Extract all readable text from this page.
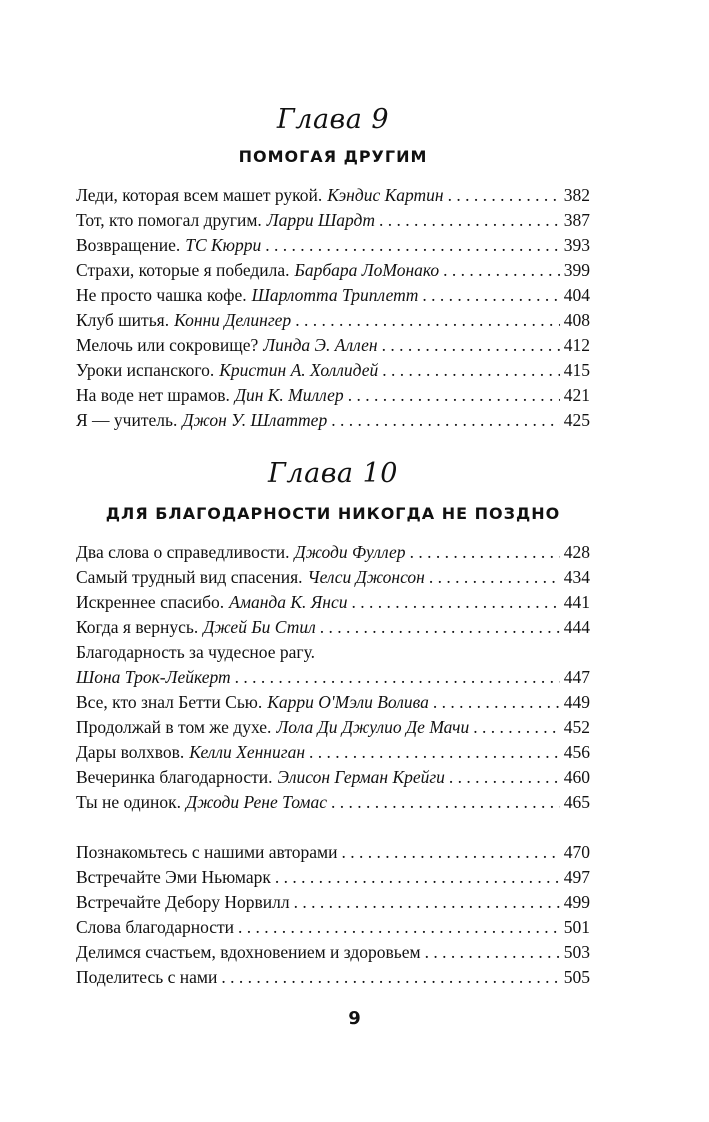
Глава 9
ПОМОГАЯ ДРУГИМ
Леди, которая всем машет рукой. Кэндис Картин . . .	382
Тот, кто помогал другим. Ларри Шардт . . .	387
Возвращение. ТС Кюрри . . .	393
Страхи, которые я победила. Барбара ЛоМонако . . .	399
Не просто чашка кофе. Шарлотта Триплетт . . .	404
Клуб шитья. Конни Делингер . . .	408
Мелочь или сокровище? Линда Э. Аллен . . .	412
Уроки испанского. Кристин А. Холлидей . . .	415
На воде нет шрамов. Дин К. Миллер . . .	421
Я — учитель. Джон У. Шлаттер . . .	425
Глава 10
ДЛЯ БЛАГОДАРНОСТИ НИКОГДА НЕ ПОЗДНО
Два слова о справедливости. Джоди Фуллер . . .	428
Самый трудный вид спасения. Челси Джонсон . . .	434
Искреннее спасибо. Аманда К. Янси . . .	441
Когда я вернусь. Джей Би Стил . . .	444
Благодарность за чудесное рагу.
Шона Трок-Лейкерт . . .	447
Все, кто знал Бетти Сью. Карри О'Мэли Волива . . .	449
Продолжай в том же духе. Лола Ди Джулио Де Мачи . . .	452
Дары волхвов. Келли Хенниган . . .	456
Вечеринка благодарности. Элисон Герман Крейги . . .	460
Ты не одинок. Джоди Рене Томас . . .	465
Познакомьтесь с нашими авторами . . .	470
Встречайте Эми Ньюмарк . . .	497
Встречайте Дебору Норвилл . . .	499
Слова благодарности . . .	501
Делимся счастьем, вдохновением и здоровьем . . .	503
Поделитесь с нами . . .	505
9
